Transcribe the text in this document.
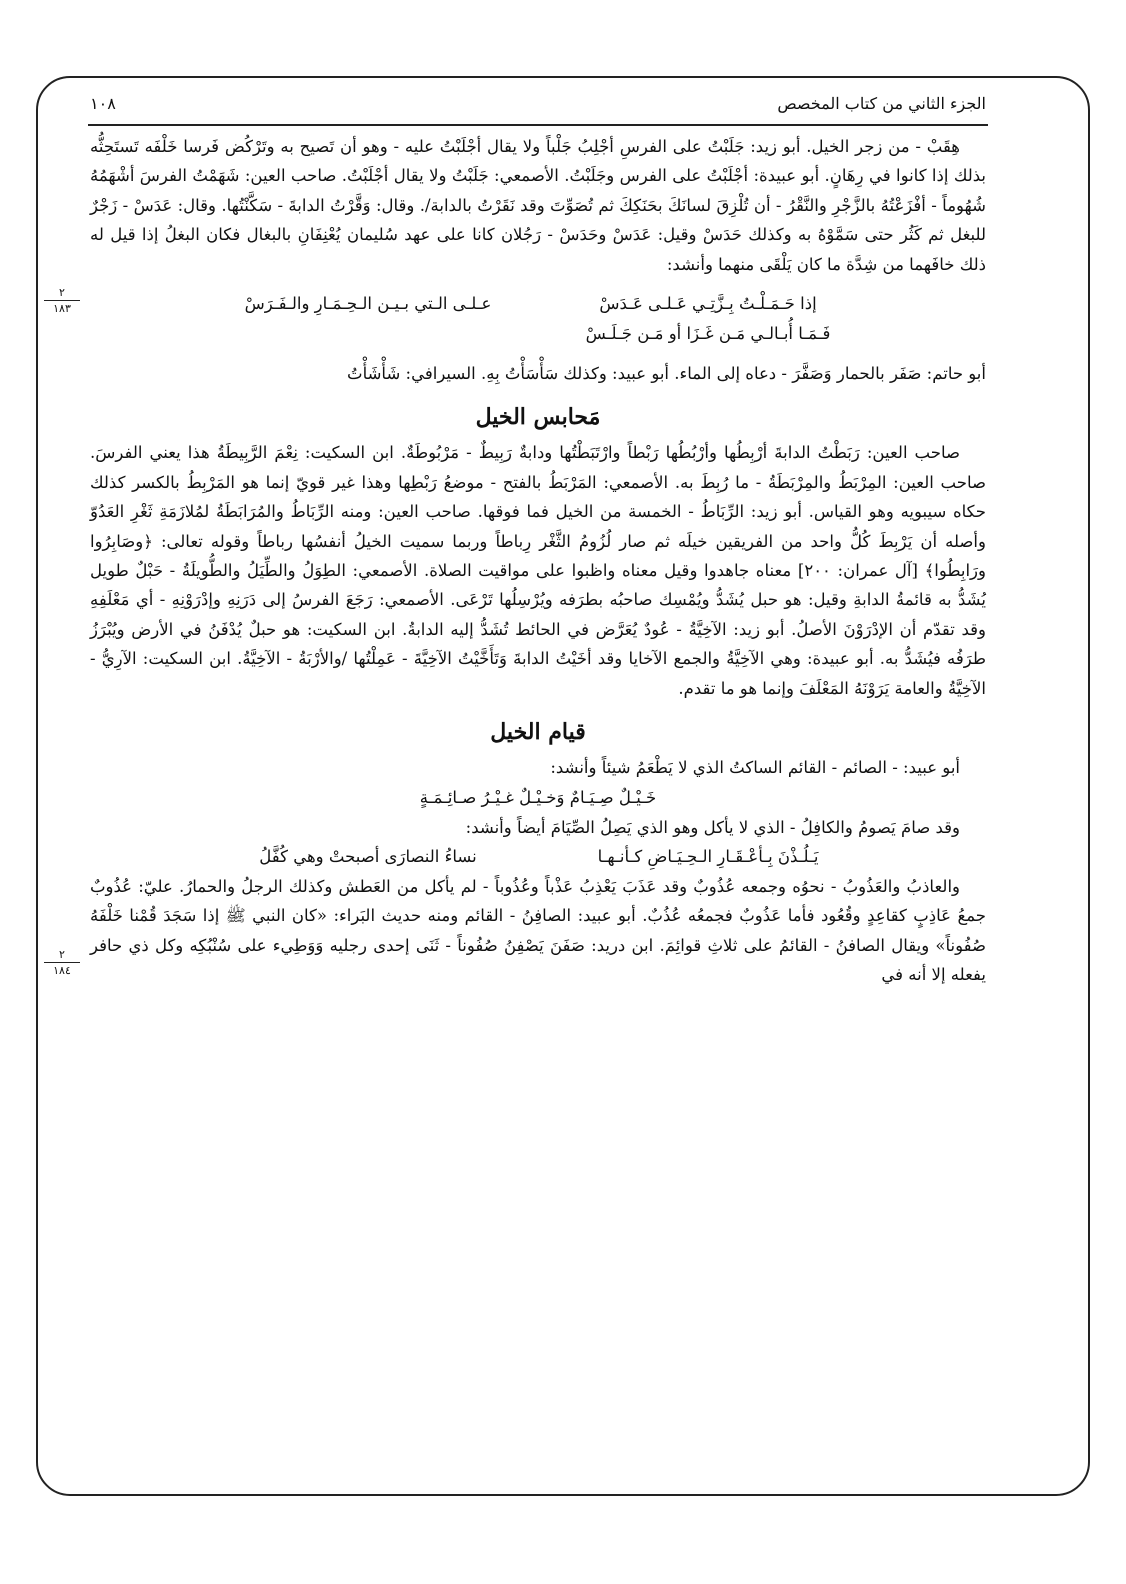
الجزء الثاني من كتاب المخصص
١٠٨
٢
١٨٣
٢
١٨٤

هِقَبْ - من زجر الخيل. أبو زيد: جَلَبْتُ على الفرسِ أجْلِبُ جَلْباً ولا يقال أجْلَبْتُ عليه - وهو أن تَصيح به وتَرْكُض فَرسا خَلْفَه تَستَحِثُّه بذلك إذا كانوا في رِهَانٍ. أبو عبيدة: أجْلَبْتُ على الفرس وجَلَبْتُ. الأصمعي: جَلَبْتُ ولا يقال أجْلَبْتُ. صاحب العين: شَهَمْتُ الفرسَ أشْهَمُهُ شُهُوماً - أفْزَعْتُهُ بالزَّجْرِ والنَّقْرُ - أن تُلْزِقَ لسانَكَ بحَنَكِكَ ثم تُصَوِّتَ وقد نَقَرْتُ بالدابة/. وقال: وَقَّرْتُ الدابةَ - سَكَّنْتُها. وقال: عَدَسْ - زَجْرٌ للبغل ثم كَثُر حتى سَمَّوْهُ به وكذلك حَدَسْ وقيل: عَدَسْ وحَدَسْ - رَجُلان كانا على عهد سُليمان يُعْنِفَانِ بالبغال فكان البغلُ إذا قيل له ذلك خافَهما من شِدَّة ما كان يَلْقَى منهما وأنشد:

إذا حَـمَـلْـتُ بِـزَّتِـي عَـلـى عَـدَسْعـلـى الـتي بـيـن الـحِـمَـارِ والـفَـرَسْ

فَـمَـا أُبـالـي مَـن غَـزَا أو مَـن جَـلَـسْ

أبو حاتم: صَفَر بالحمار وَصَفَّرَ - دعاه إلى الماء. أبو عبيد: وكذلك سَأْسَأْتُ بِهِ. السيرافي: شَأْشَأْتُ

مَحابس الخيل

صاحب العين: رَبَطْتُ الدابةَ أرْبِطُها وأرْبُطُها رَبْطاً وارْتَبَطْتُها ودابةٌ رَبِيطٌ - مَرْبُوطَةٌ. ابن السكيت: نِعْمَ الرَّبِيطَةُ هذا يعني الفرسَ. صاحب العين: المِرْبَطُ والمِرْبَطَةُ - ما رُبِطَ به. الأصمعي: المَرْبَطُ بالفتح - موضعُ رَبْطِها وهذا غير قويّ إنما هو المَرْبِطُ بالكسر كذلك حكاه سيبويه وهو القياس. أبو زيد: الرِّبَاطُ - الخمسة من الخيل فما فوقها. صاحب العين: ومنه الرِّبَاطُ والمُرَابَطَةُ لمُلازَمَةِ ثَغْرِ العَدُوّ وأصله أن يَرْبِطَ كُلُّ واحد من الفريقين خيلَه ثم صار لُزُومُ الثَّغْر رِباطاً وربما سميت الخيلُ أنفسُها رباطاً وقوله تعالى: ﴿وصَابِرُوا ورَابِطُوا﴾ [آل عمران: ٢٠٠] معناه جاهدوا وقيل معناه واظبوا على مواقيت الصلاة. الأصمعي: الطِوَلُ والطِّيَلُ والطُّويلَةُ - حَبْلٌ طويل يُشَدُّ به قائمةُ الدابةِ وقيل: هو حبل يُشَدُّ ويُمْسِك صاحبُه بطرَفه ويُرْسِلُها تَرْعَى. الأصمعي: رَجَعَ الفرسُ إلى دَرَنِهِ وإدْرَوْنِهِ - أي مَعْلَفِهِ وقد تقدّم أن الإدْرَوْنَ الأصلُ. أبو زيد: الآخِيَّةُ - عُودٌ يُعَرَّض في الحائط تُشَدُّ إليه الدابةُ. ابن السكيت: هو حبلٌ يُدْفَنُ في الأرض ويُبْرَزُ طرَفُه فيُشَدُّ به. أبو عبيدة: وهي الآخِيَّةُ والجمع الآخايا وقد أخَيْتُ الدابةَ وَتَأَخَّيْتُ الآخِيَّةَ - عَمِلْتُها /والأرْبَةُ - الآخِيَّةُ. ابن السكيت: الآرِيُّ - الآخِيَّةُ والعامة يَرَوْنَهُ المَعْلَفَ وإنما هو ما تقدم.

قيام الخيل

أبو عبيد: - الصائم - القائم الساكتُ الذي لا يَطْعَمُ شيئاً وأنشد:

خَـيْـلٌ صِـيَـامٌ وَخـيْـلٌ غـيْـرُ صـائِـمَـةٍ

وقد صامَ يَصومُ والكافِلُ - الذي لا يأكل وهو الذي يَصِلُ الصِّيَامَ أيضاً وأنشد:

يَـلُـذْنَ بِـأعْـقَـارِ الـحِـيَـاضِ كـأنـهـانساءُ النصارَى أصبحتْ وهي كُفَّلُ

والعاذبُ والعَذُوبُ - نحوُه وجمعه عُذُوبٌ وقد عَذَبَ يَعْذِبُ عَذْباً وعُذُوباً - لم يأكل من العَطش وكذلك الرجلُ والحمارُ. عليّ: عُذُوبٌ جمعُ عَاذِبٍ كقاعِدٍ وقُعُود فأما عَذُوبٌ فجمعُه عُذُبٌ. أبو عبيد: الصافِنُ - القائم ومنه حديث البَراء: «كان النبي ﷺ إذا سَجَدَ قُمْنا خَلْفَهُ صُفُوناً» ويقال الصافنُ - القائمُ على ثلاثِ قوائِمَ. ابن دريد: صَفَنَ يَصْفِنُ صُفُوناً - ثَنَى إحدى رجليه وَوَطِيء على سُنْبُكِه وكل ذي حافر يفعله إلا أنه في
